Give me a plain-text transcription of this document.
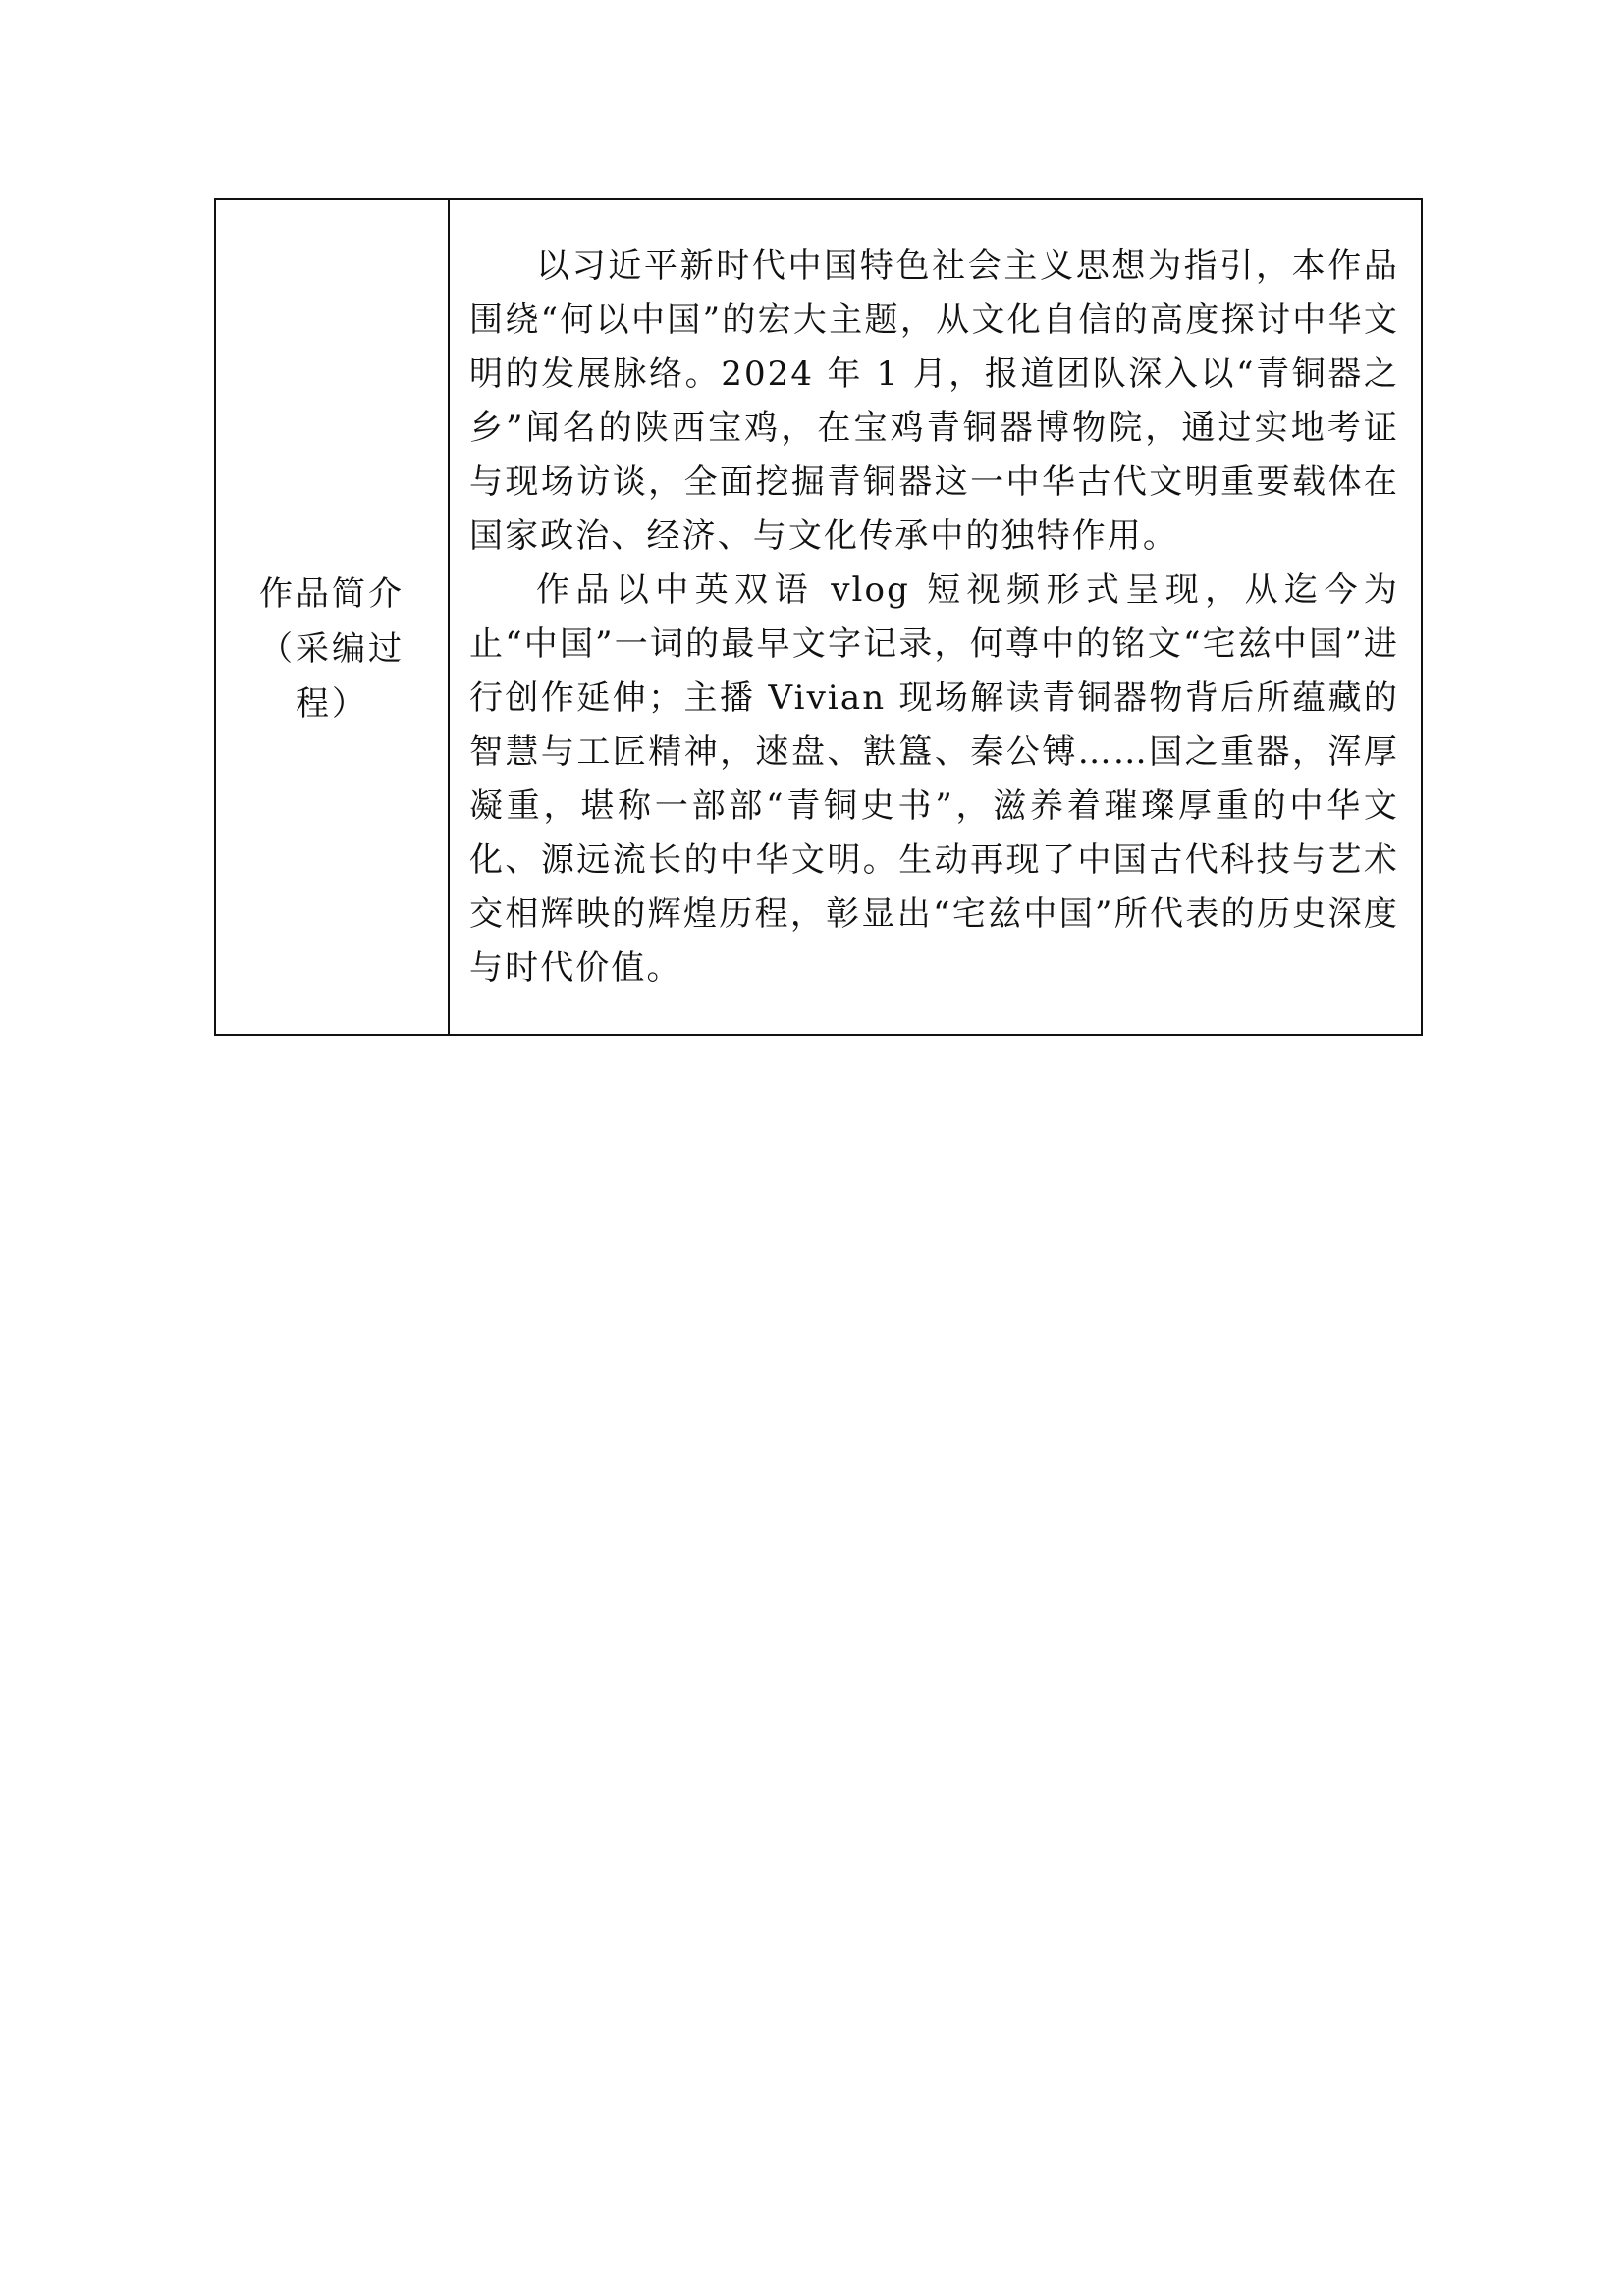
作品简介
（采编过
程）

以习近平新时代中国特色社会主义思想为指引，本作品围绕“何以中国”的宏大主题，从文化自信的高度探讨中华文明的发展脉络。2024 年 1 月，报道团队深入以“青铜器之乡”闻名的陕西宝鸡，在宝鸡青铜器博物院，通过实地考证与现场访谈，全面挖掘青铜器这一中华古代文明重要载体在国家政治、经济、与文化传承中的独特作用。

作品以中英双语 vlog 短视频形式呈现，从迄今为止“中国”一词的最早文字记录，何尊中的铭文“宅兹中国”进行创作延伸；主播 Vivian 现场解读青铜器物背后所蕴藏的智慧与工匠精神，逨盘、㝬簋、秦公镈……国之重器，浑厚凝重，堪称一部部“青铜史书”，滋养着璀璨厚重的中华文化、源远流长的中华文明。生动再现了中国古代科技与艺术交相辉映的辉煌历程，彰显出“宅兹中国”所代表的历史深度与时代价值。
